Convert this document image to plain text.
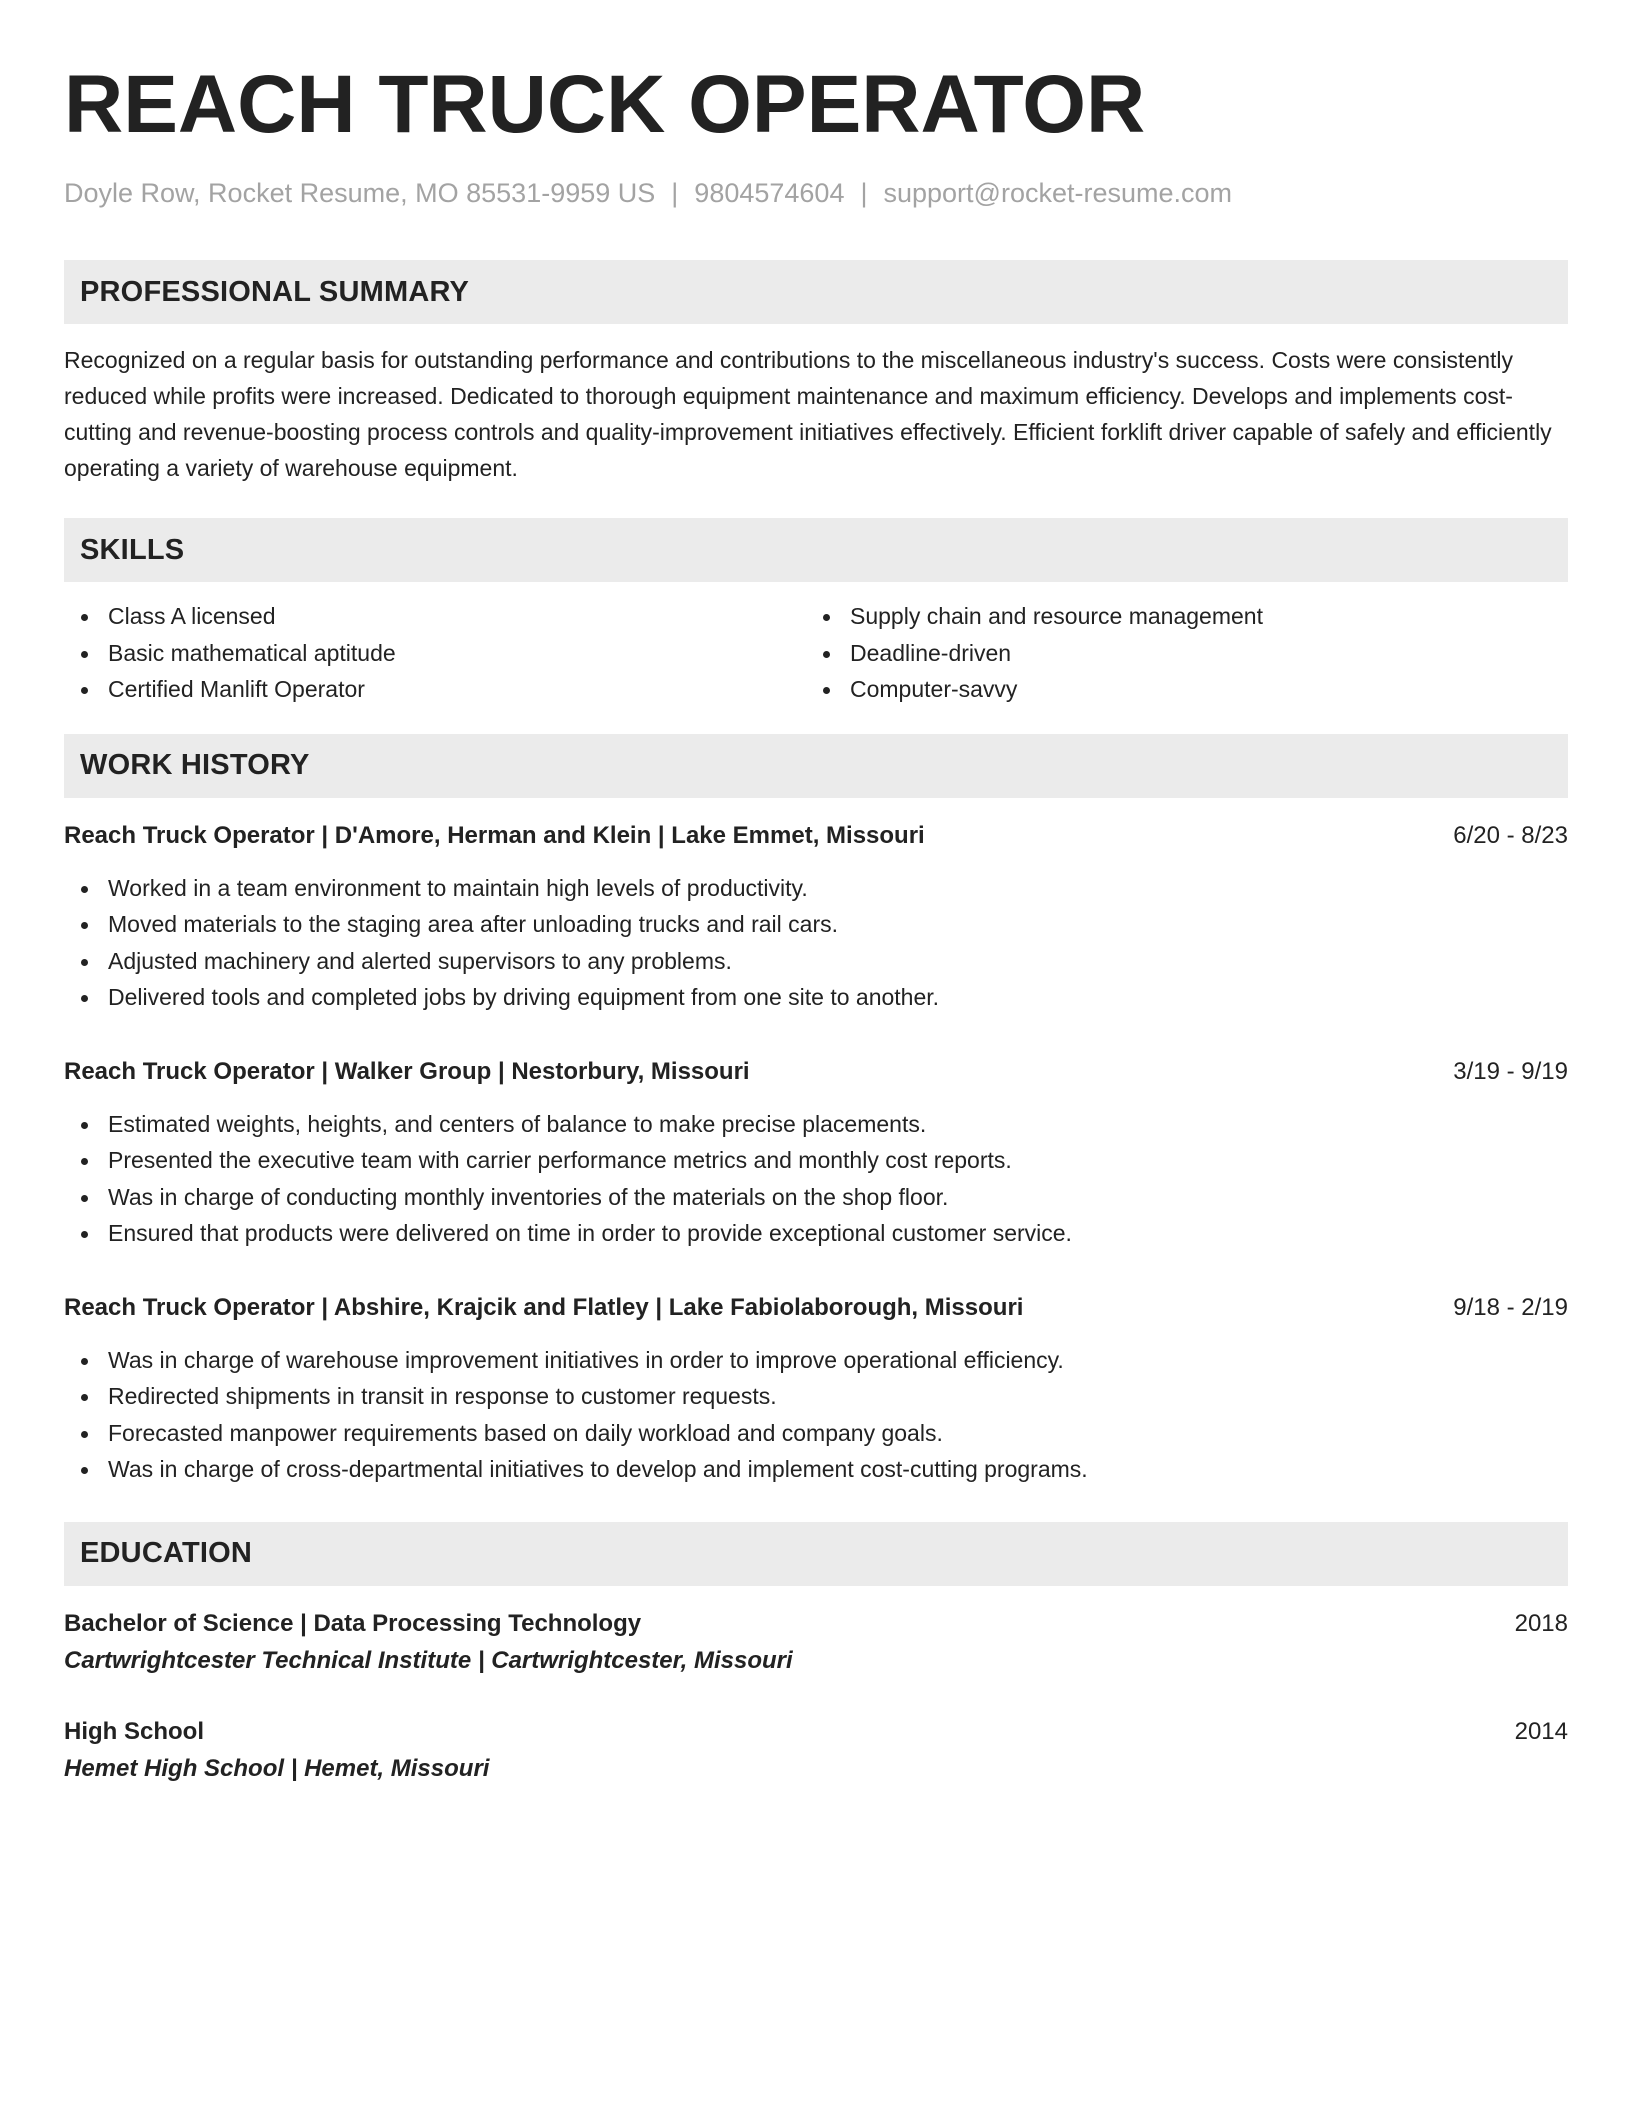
REACH TRUCK OPERATOR
Doyle Row, Rocket Resume, MO 85531-9959 US | 9804574604 | support@rocket-resume.com
PROFESSIONAL SUMMARY

Recognized on a regular basis for outstanding performance and contributions to the miscellaneous industry's success. Costs were consistently reduced while profits were increased. Dedicated to thorough equipment maintenance and maximum efficiency. Develops and implements cost-cutting and revenue-boosting process controls and quality-improvement initiatives effectively. Efficient forklift driver capable of safely and efficiently operating a variety of warehouse equipment.

SKILLS
Class A licensed
Basic mathematical aptitude
Certified Manlift Operator
Supply chain and resource management
Deadline-driven
Computer-savvy
WORK HISTORY
Reach Truck Operator | D'Amore, Herman and Klein | Lake Emmet, Missouri	6/20 - 8/23
Worked in a team environment to maintain high levels of productivity.
Moved materials to the staging area after unloading trucks and rail cars.
Adjusted machinery and alerted supervisors to any problems.
Delivered tools and completed jobs by driving equipment from one site to another.
Reach Truck Operator | Walker Group | Nestorbury, Missouri	3/19 - 9/19
Estimated weights, heights, and centers of balance to make precise placements.
Presented the executive team with carrier performance metrics and monthly cost reports.
Was in charge of conducting monthly inventories of the materials on the shop floor.
Ensured that products were delivered on time in order to provide exceptional customer service.
Reach Truck Operator | Abshire, Krajcik and Flatley | Lake Fabiolaborough, Missouri	9/18 - 2/19
Was in charge of warehouse improvement initiatives in order to improve operational efficiency.
Redirected shipments in transit in response to customer requests.
Forecasted manpower requirements based on daily workload and company goals.
Was in charge of cross-departmental initiatives to develop and implement cost-cutting programs.
EDUCATION
Bachelor of Science | Data Processing Technology	2018
Cartwrightcester Technical Institute | Cartwrightcester, Missouri
High School	2014
Hemet High School | Hemet, Missouri
